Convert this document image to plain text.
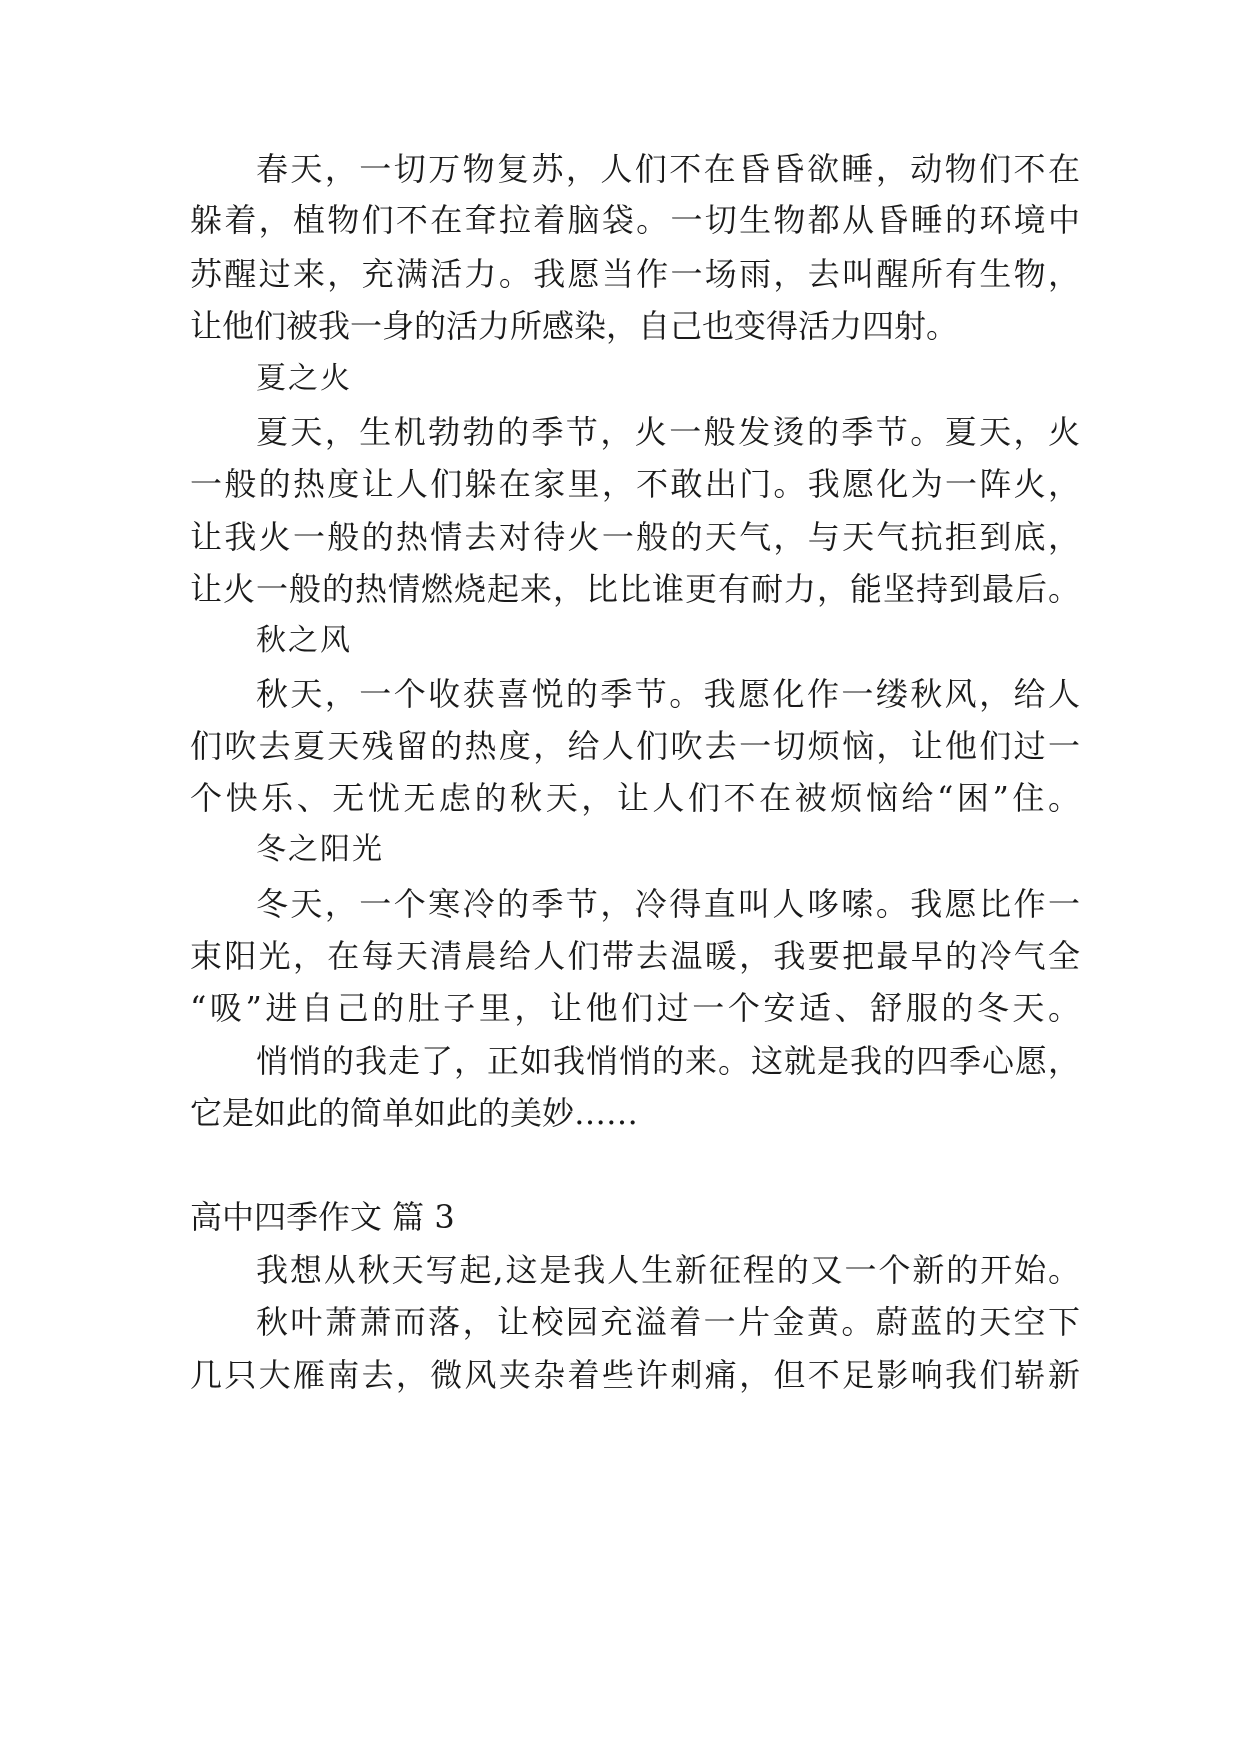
春天，一切万物复苏，人们不在昏昏欲睡，动物们不在
躲着，植物们不在耷拉着脑袋。一切生物都从昏睡的环境中
苏醒过来，充满活力。我愿当作一场雨，去叫醒所有生物，
让他们被我一身的活力所感染，自己也变得活力四射。
夏之火
夏天，生机勃勃的季节，火一般发烫的季节。夏天，火
一般的热度让人们躲在家里，不敢出门。我愿化为一阵火，
让我火一般的热情去对待火一般的天气，与天气抗拒到底，
让火一般的热情燃烧起来，比比谁更有耐力，能坚持到最后。
秋之风
秋天，一个收获喜悦的季节。我愿化作一缕秋风，给人
们吹去夏天残留的热度，给人们吹去一切烦恼，让他们过一
个快乐、无忧无虑的秋天，让人们不在被烦恼给“困”住。
冬之阳光
冬天，一个寒冷的季节，冷得直叫人哆嗦。我愿比作一
束阳光，在每天清晨给人们带去温暖，我要把最早的冷气全
“吸”进自己的肚子里，让他们过一个安适、舒服的冬天。
悄悄的我走了，正如我悄悄的来。这就是我的四季心愿，
它是如此的简单如此的美妙……
高中四季作文 篇 3
我想从秋天写起,这是我人生新征程的又一个新的开始。
秋叶萧萧而落，让校园充溢着一片金黄。蔚蓝的天空下
几只大雁南去，微风夹杂着些许刺痛，但不足影响我们崭新
